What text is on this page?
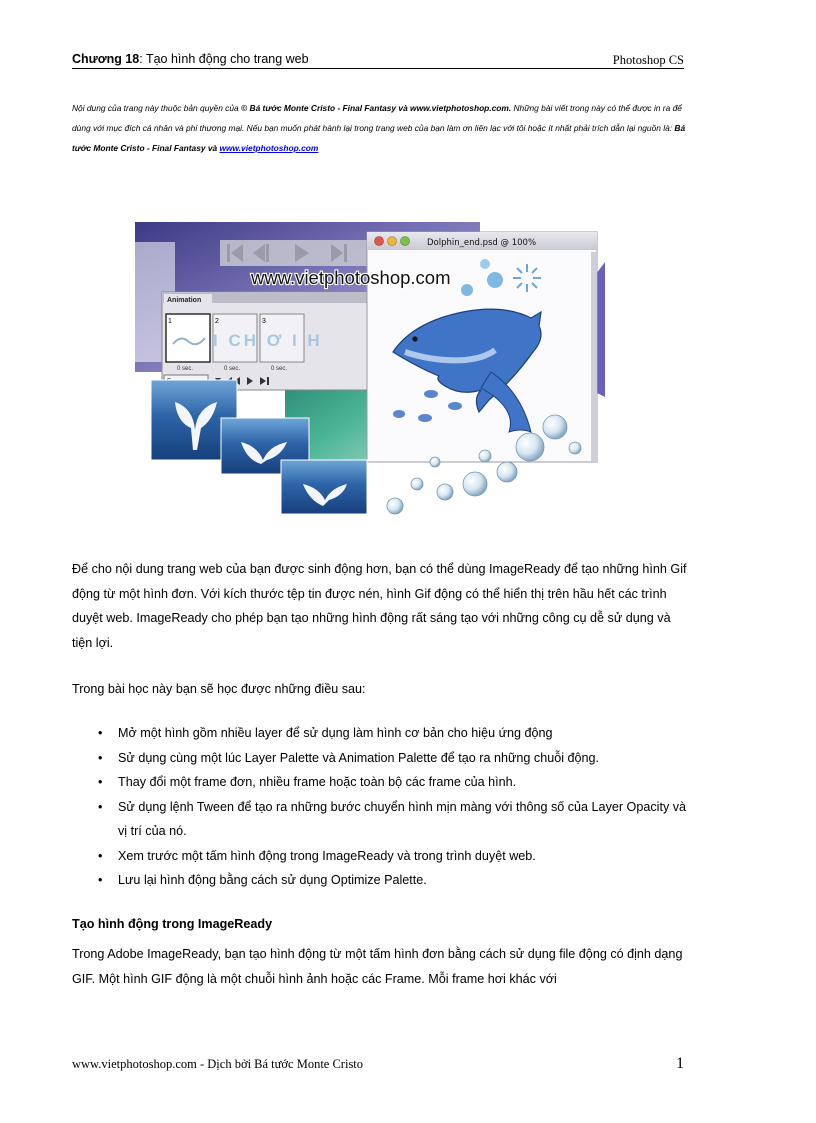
Chương 18: Tạo hình động cho trang web	Photoshop CS
Nội dung của trang này thuộc bản quyền của © Bá tước Monte Cristo - Final Fantasy và www.vietphotoshop.com. Những bài viết trong này có thể được in ra để dùng với mục đích cá nhân và phi thương mại. Nếu bạn muốn phát hành lại trong trang web của bạn làm ơn liên lạc với tôi hoặc ít nhất phải trích dẫn lại nguồn là: Bá tước Monte Cristo - Final Fantasy và www.vietphotoshop.com
Animation
1	2	3
I CH Ơ I H
0 sec.	0 sec.	0 sec.
Dolphin_end.psd @ 100%
www.vietphotoshop.com
Để cho nội dung trang web của bạn được sinh động hơn, bạn có thể dùng ImageReady để tạo những hình Gif động từ một hình đơn. Với kích thước tệp tin được nén, hình Gif động có thể hiển thị trên hầu hết các trình duyệt web. ImageReady cho phép bạn tạo những hình động rất sáng tạo với những công cụ dễ sử dụng và tiện lợi.
Trong bài học này bạn sẽ học được những điều sau:
• Mở một hình gồm nhiều layer để sử dụng làm hình cơ bản cho hiệu ứng động
• Sử dụng cùng một lúc Layer Palette và Animation Palette để tạo ra những chuỗi động.
• Thay đổi một frame đơn, nhiều frame hoặc toàn bộ các frame của hình.
• Sử dụng lệnh Tween để tạo ra những bước chuyển hình mịn màng với thông số của Layer Opacity và vị trí của nó.
• Xem trước một tấm hình động trong ImageReady và trong trình duyệt web.
• Lưu lại hình động bằng cách sử dụng Optimize Palette.
Tạo hình động trong ImageReady
Trong Adobe ImageReady, bạn tạo hình động từ một tấm hình đơn bằng cách sử dụng file động có định dạng GIF. Một hình GIF động là một chuỗi hình ảnh hoặc các Frame. Mỗi frame hơi khác với
www.vietphotoshop.com - Dịch bởi Bá tước Monte Cristo	1
